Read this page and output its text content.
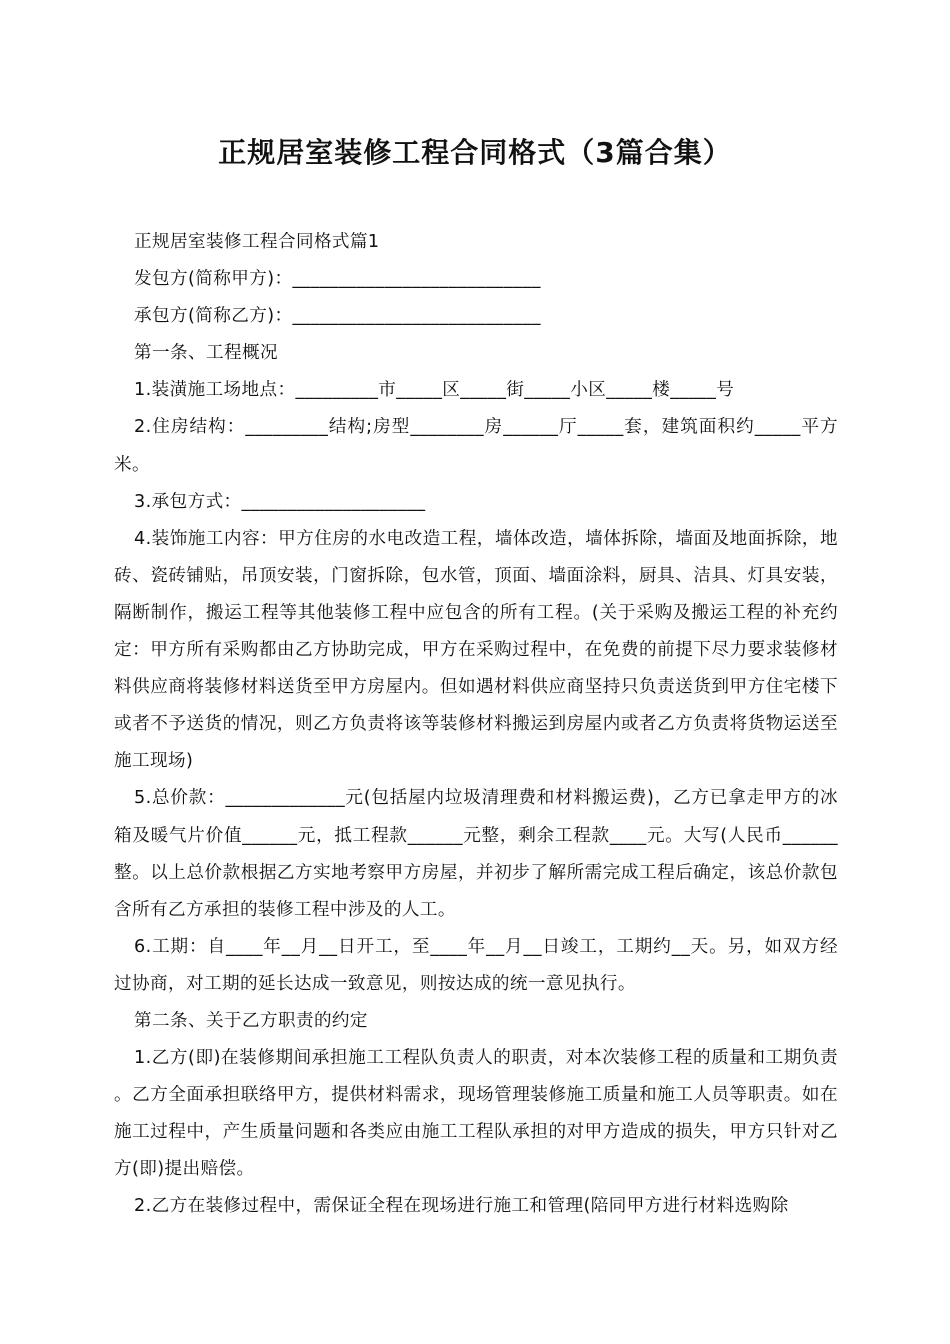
正规居室装修工程合同格式（3篇合集）

正规居室装修工程合同格式篇1

发包方(简称甲方)：___________________________

承包方(简称乙方)：___________________________

第一条、工程概况

1.装潢施工场地点：_________市_____区_____街_____小区_____楼_____号

2.住房结构：_________结构;房型________房______厅_____套，建筑面积约_____平方米。

3.承包方式：____________________

4.装饰施工内容：甲方住房的水电改造工程，墙体改造，墙体拆除，墙面及地面拆除，地砖、瓷砖铺贴，吊顶安装，门窗拆除，包水管，顶面、墙面涂料，厨具、洁具、灯具安装，隔断制作，搬运工程等其他装修工程中应包含的所有工程。(关于采购及搬运工程的补充约定：甲方所有采购都由乙方协助完成，甲方在采购过程中，在免费的前提下尽力要求装修材料供应商将装修材料送货至甲方房屋内。但如遇材料供应商坚持只负责送货到甲方住宅楼下或者不予送货的情况，则乙方负责将该等装修材料搬运到房屋内或者乙方负责将货物运送至施工现场)

5.总价款：_____________元(包括屋内垃圾清理费和材料搬运费)，乙方已拿走甲方的冰箱及暖气片价值______元，抵工程款______元整，剩余工程款____元。大写(人民币______整。以上总价款根据乙方实地考察甲方房屋，并初步了解所需完成工程后确定，该总价款包含所有乙方承担的装修工程中涉及的人工。

6.工期：自____年__月__日开工，至____年__月__日竣工，工期约__天。另，如双方经过协商，对工期的延长达成一致意见，则按达成的统一意见执行。

第二条、关于乙方职责的约定

1.乙方(即)在装修期间承担施工工程队负责人的职责，对本次装修工程的质量和工期负责。乙方全面承担联络甲方，提供材料需求，现场管理装修施工质量和施工人员等职责。如在施工过程中，产生质量问题和各类应由施工工程队承担的对甲方造成的损失，甲方只针对乙方(即)提出赔偿。

2.乙方在装修过程中，需保证全程在现场进行施工和管理(陪同甲方进行材料选购除
